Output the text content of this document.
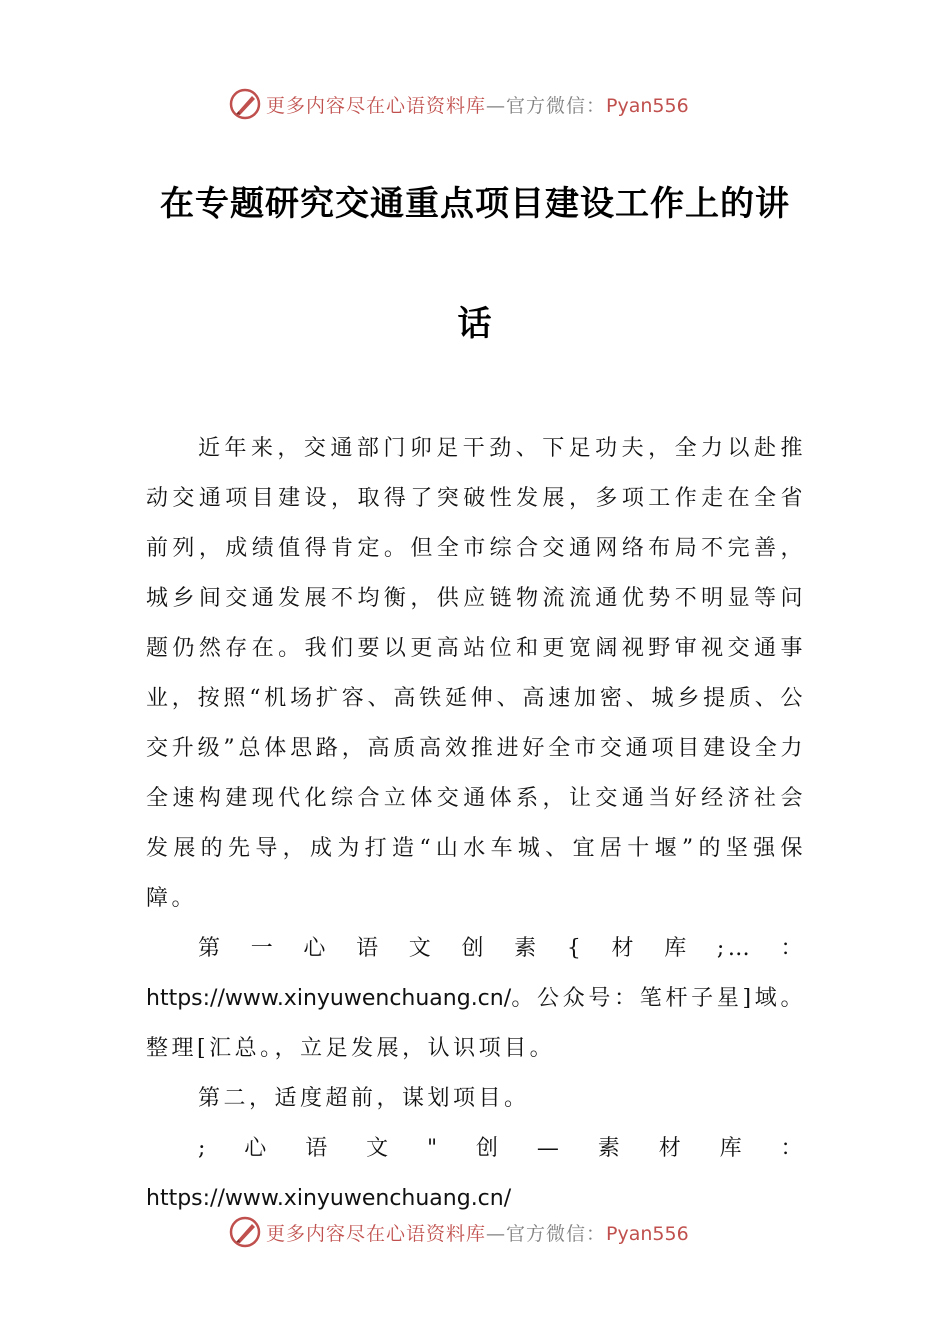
更多内容尽在心语资料库—官方微信：Pyan556
在专题研究交通重点项目建设工作上的讲
话

近年来，交通部门卯足干劲、下足功夫，全力以赴推动交通项目建设，取得了突破性发展，多项工作走在全省前列，成绩值得肯定。但全市综合交通网络布局不完善，城乡间交通发展不均衡，供应链物流流通优势不明显等问题仍然存在。我们要以更高站位和更宽阔视野审视交通事业，按照“机场扩容、高铁延伸、高速加密、城乡提质、公交升级”总体思路，高质高效推进好全市交通项目建设全力全速构建现代化综合立体交通体系，让交通当好经济社会发展的先导，成为打造“山水车城、宜居十堰”的坚强保障。

第一心语文创素{材库;…：https://www.xinyuwenchuang.cn/。公众号：笔杆子星]域。整理[汇总。，立足发展，认识项目。

第二，适度超前，谋划项目。

;心语文"创—素材库：https://www.xinyuwenchuang.cn/

更多内容尽在心语资料库—官方微信：Pyan556
